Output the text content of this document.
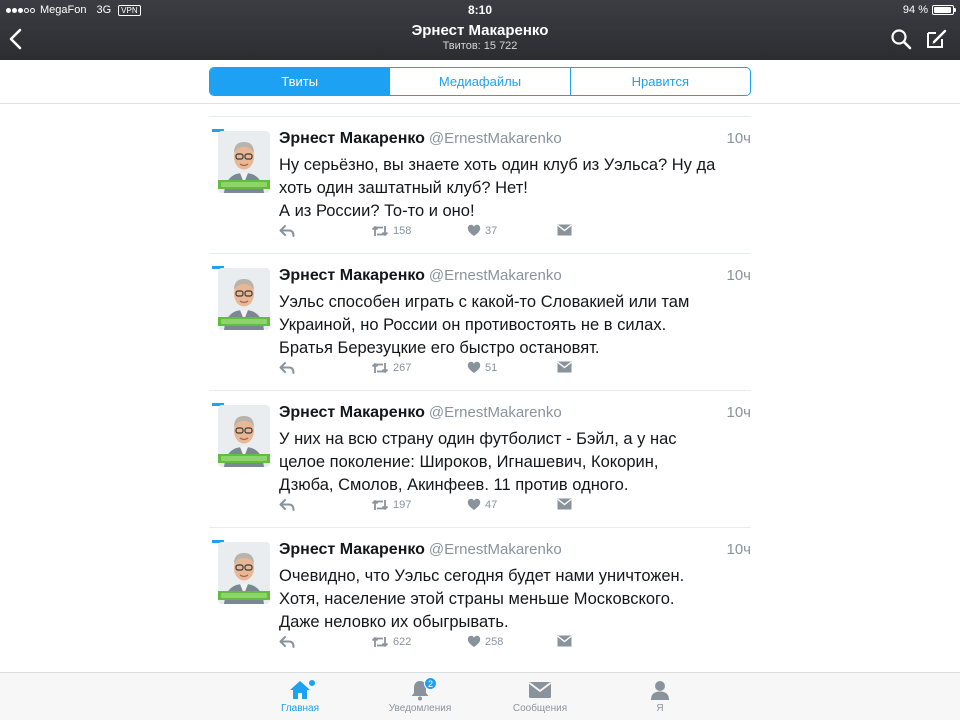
MegaFon 3G	VPN	8:10	94 %
Эрнест Макаренко
Твитов: 15 722
Твиты	Медиафайлы	Нравится
Эрнест Макаренко @ErnestMakarenko	10ч
Ну серьёзно, вы знаете хоть один клуб из Уэльса? Ну да
хоть один заштатный клуб? Нет!
А из России? То-то и оно!
158	37
Эрнест Макаренко @ErnestMakarenko	10ч
Уэльс способен играть с какой-то Словакией или там
Украиной, но России он противостоять не в силах.
Братья Березуцкие его быстро остановят.
267	51
Эрнест Макаренко @ErnestMakarenko	10ч
У них на всю страну один футболист - Бэйл, а у нас
целое поколение: Широков, Игнашевич, Кокорин,
Дзюба, Смолов, Акинфеев. 11 против одного.
197	47
Эрнест Макаренко @ErnestMakarenko	10ч
Очевидно, что Уэльс сегодня будет нами уничтожен.
Хотя, население этой страны меньше Московского.
Даже неловко их обыгрывать.
622	258
Главная
2
Уведомления	Сообщения	Я
